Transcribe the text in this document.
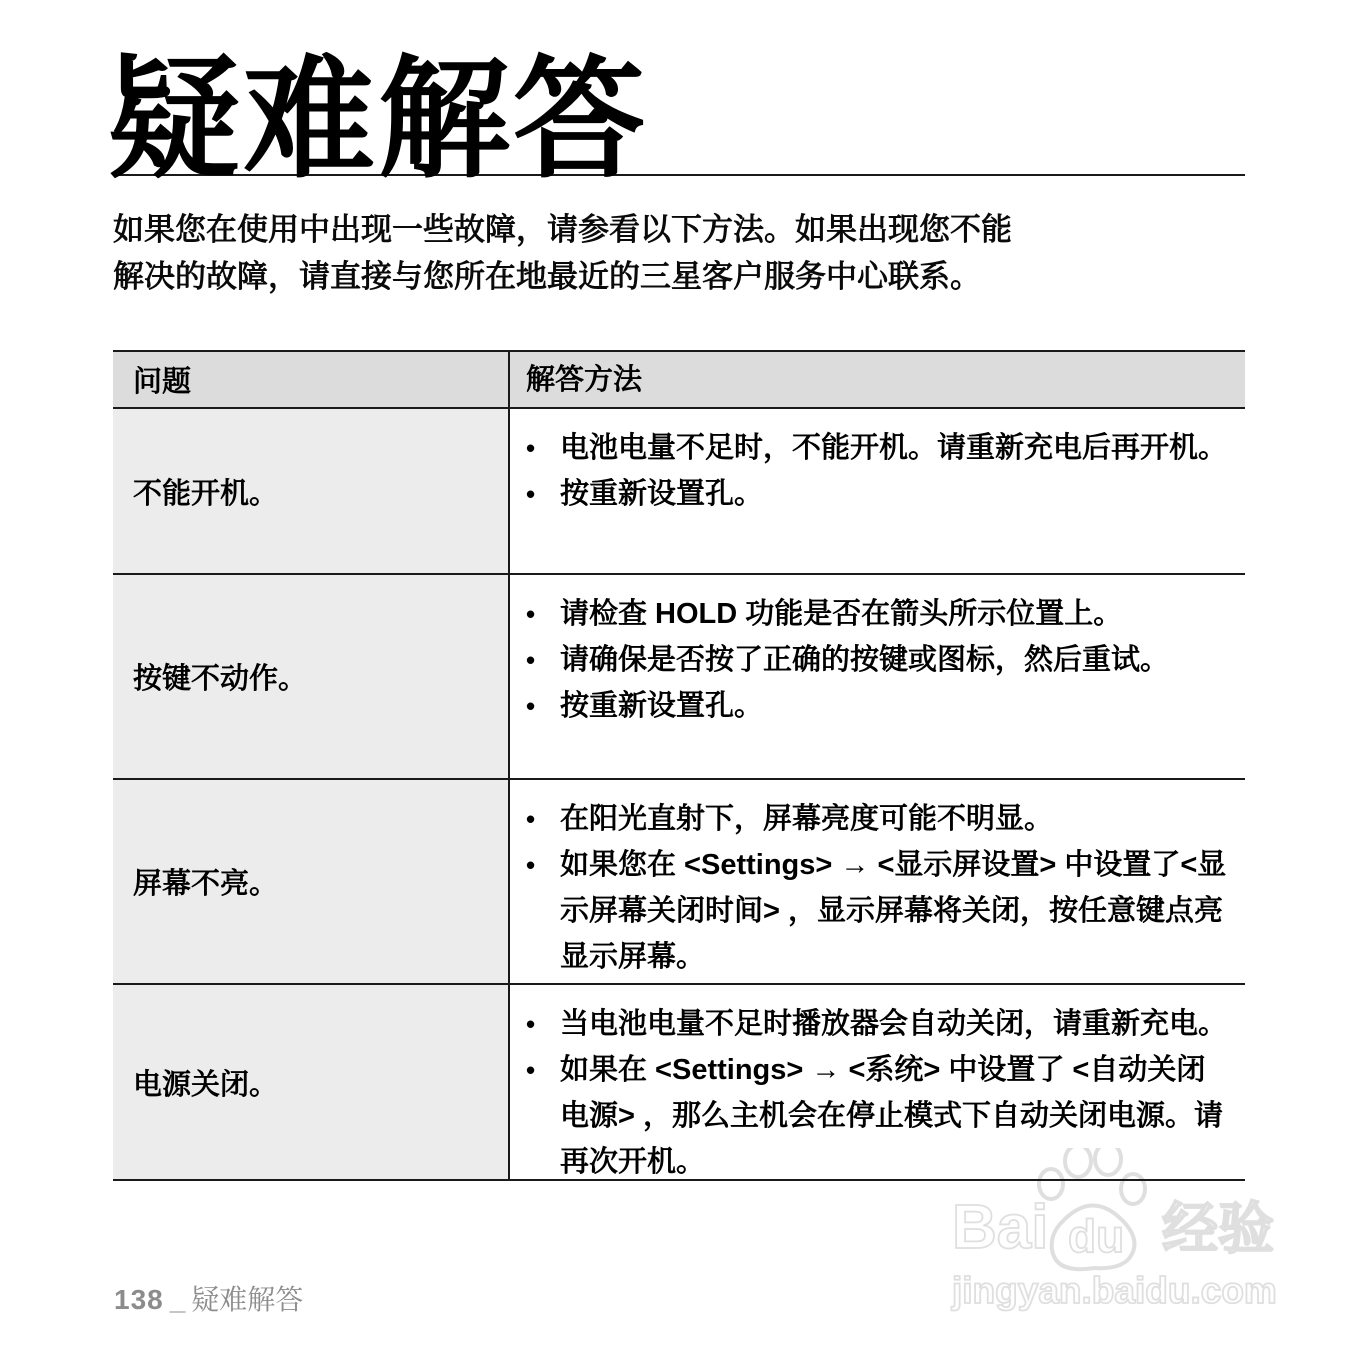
疑难解答
如果您在使用中出现一些故障，请参看以下方法。如果出现您不能
解决的故障，请直接与您所在地最近的三星客户服务中心联系。
问题	解答方法
不能开机。
• 电池电量不足时，不能开机。请重新充电后再开机。
• 按重新设置孔。
按键不动作。
• 请检查 HOLD 功能是否在箭头所示位置上。
• 请确保是否按了正确的按键或图标，然后重试。
• 按重新设置孔。
屏幕不亮。
• 在阳光直射下，屏幕亮度可能不明显。
• 如果您在 <Settings> → <显示屏设置> 中设置了<显示屏幕关闭时间> ，显示屏幕将关闭，按任意键点亮显示屏幕。
电源关闭。
• 当电池电量不足时播放器会自动关闭，请重新充电。
• 如果在 <Settings> → <系统> 中设置了 <自动关闭电源> ，那么主机会在停止模式下自动关闭电源。请再次开机。
138 _ 疑难解答
Bai du 经验
jingyan.baidu.com
